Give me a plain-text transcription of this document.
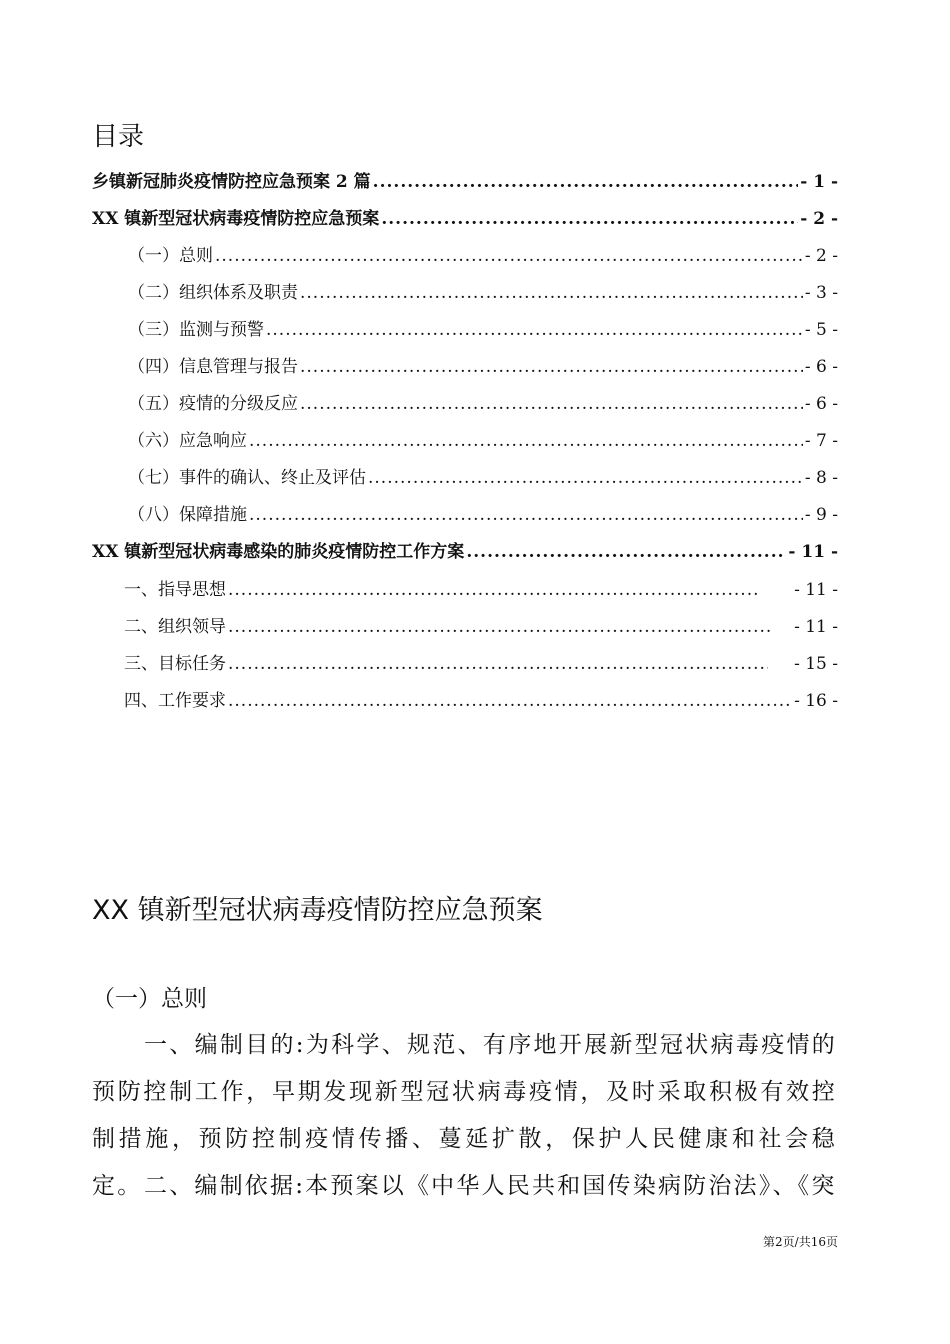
目录
乡镇新冠肺炎疫情防控应急预案 2 篇 .....	- 1 -
XX 镇新型冠状病毒疫情防控应急预案 .....	- 2 -
（一）总则 .....	- 2 -
（二）组织体系及职责 .....	- 3 -
（三）监测与预警 .....	- 5 -
（四）信息管理与报告 .....	- 6 -
（五）疫情的分级反应 .....	- 6 -
（六）应急响应 .....	- 7 -
（七）事件的确认、终止及评估 .....	- 8 -
（八）保障措施 .....	- 9 -
XX 镇新型冠状病毒感染的肺炎疫情防控工作方案 .....	- 11 -
一、指导思想 .....	- 11 -
二、组织领导 .....	- 11 -
三、目标任务 .....	- 15 -
四、工作要求 .....	- 16 -
XX 镇新型冠状病毒疫情防控应急预案
（一）总则

一、编制目的:为科学、规范、有序地开展新型冠状病毒疫情的预防控制工作，早期发现新型冠状病毒疫情，及时采取积极有效控制措施，预防控制疫情传播、蔓延扩散，保护人民健康和社会稳定。 二、编制依据:本预案以《中华人民共和国传染病防治法》、《突

第2页/共16页
